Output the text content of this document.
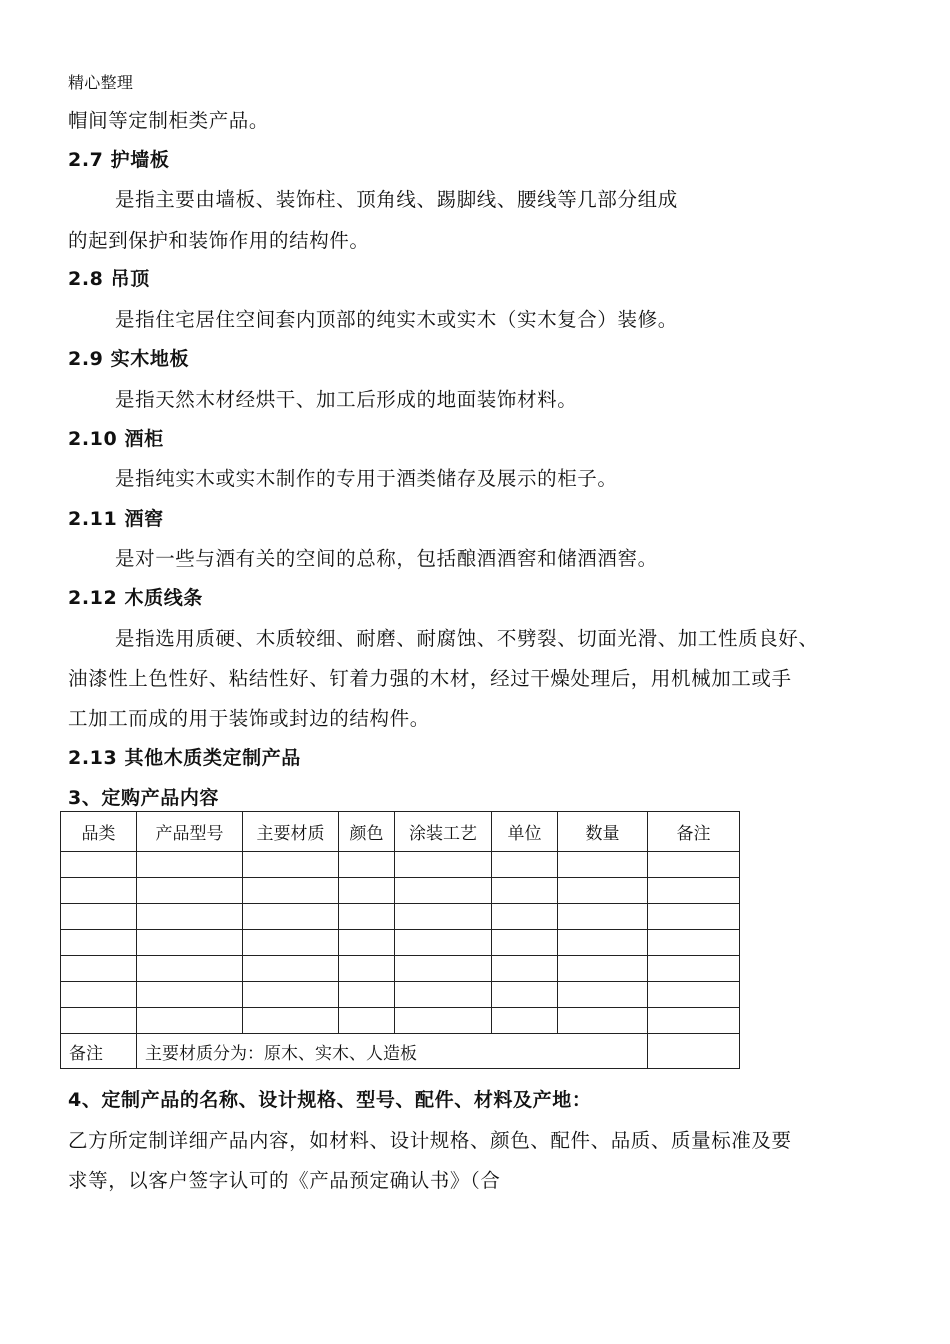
精心整理
帽间等定制柜类产品。
2.7 护墙板
是指主要由墙板、装饰柱、顶角线、踢脚线、腰线等几部分组成
的起到保护和装饰作用的结构件。
2.8 吊顶
是指住宅居住空间套内顶部的纯实木或实木（实木复合）装修。
2.9 实木地板
是指天然木材经烘干、加工后形成的地面装饰材料。
2.10 酒柜
是指纯实木或实木制作的专用于酒类储存及展示的柜子。
2.11 酒窖
是对一些与酒有关的空间的总称，包括酿酒酒窖和储酒酒窖。
2.12 木质线条
是指选用质硬、木质较细、耐磨、耐腐蚀、不劈裂、切面光滑、加工性质良好、
油漆性上色性好、粘结性好、钉着力强的木材，经过干燥处理后，用机械加工或手
工加工而成的用于装饰或封边的结构件。
2.13 其他木质类定制产品
3、定购产品内容
品类	产品型号	主要材质	颜色	涂装工艺	单位	数量	备注

备注	主要材质分为：原木、实木、人造板						
4、定制产品的名称、设计规格、型号、配件、材料及产地：
乙方所定制详细产品内容，如材料、设计规格、颜色、配件、品质、质量标准及要
求等，以客户签字认可的《产品预定确认书》（合
